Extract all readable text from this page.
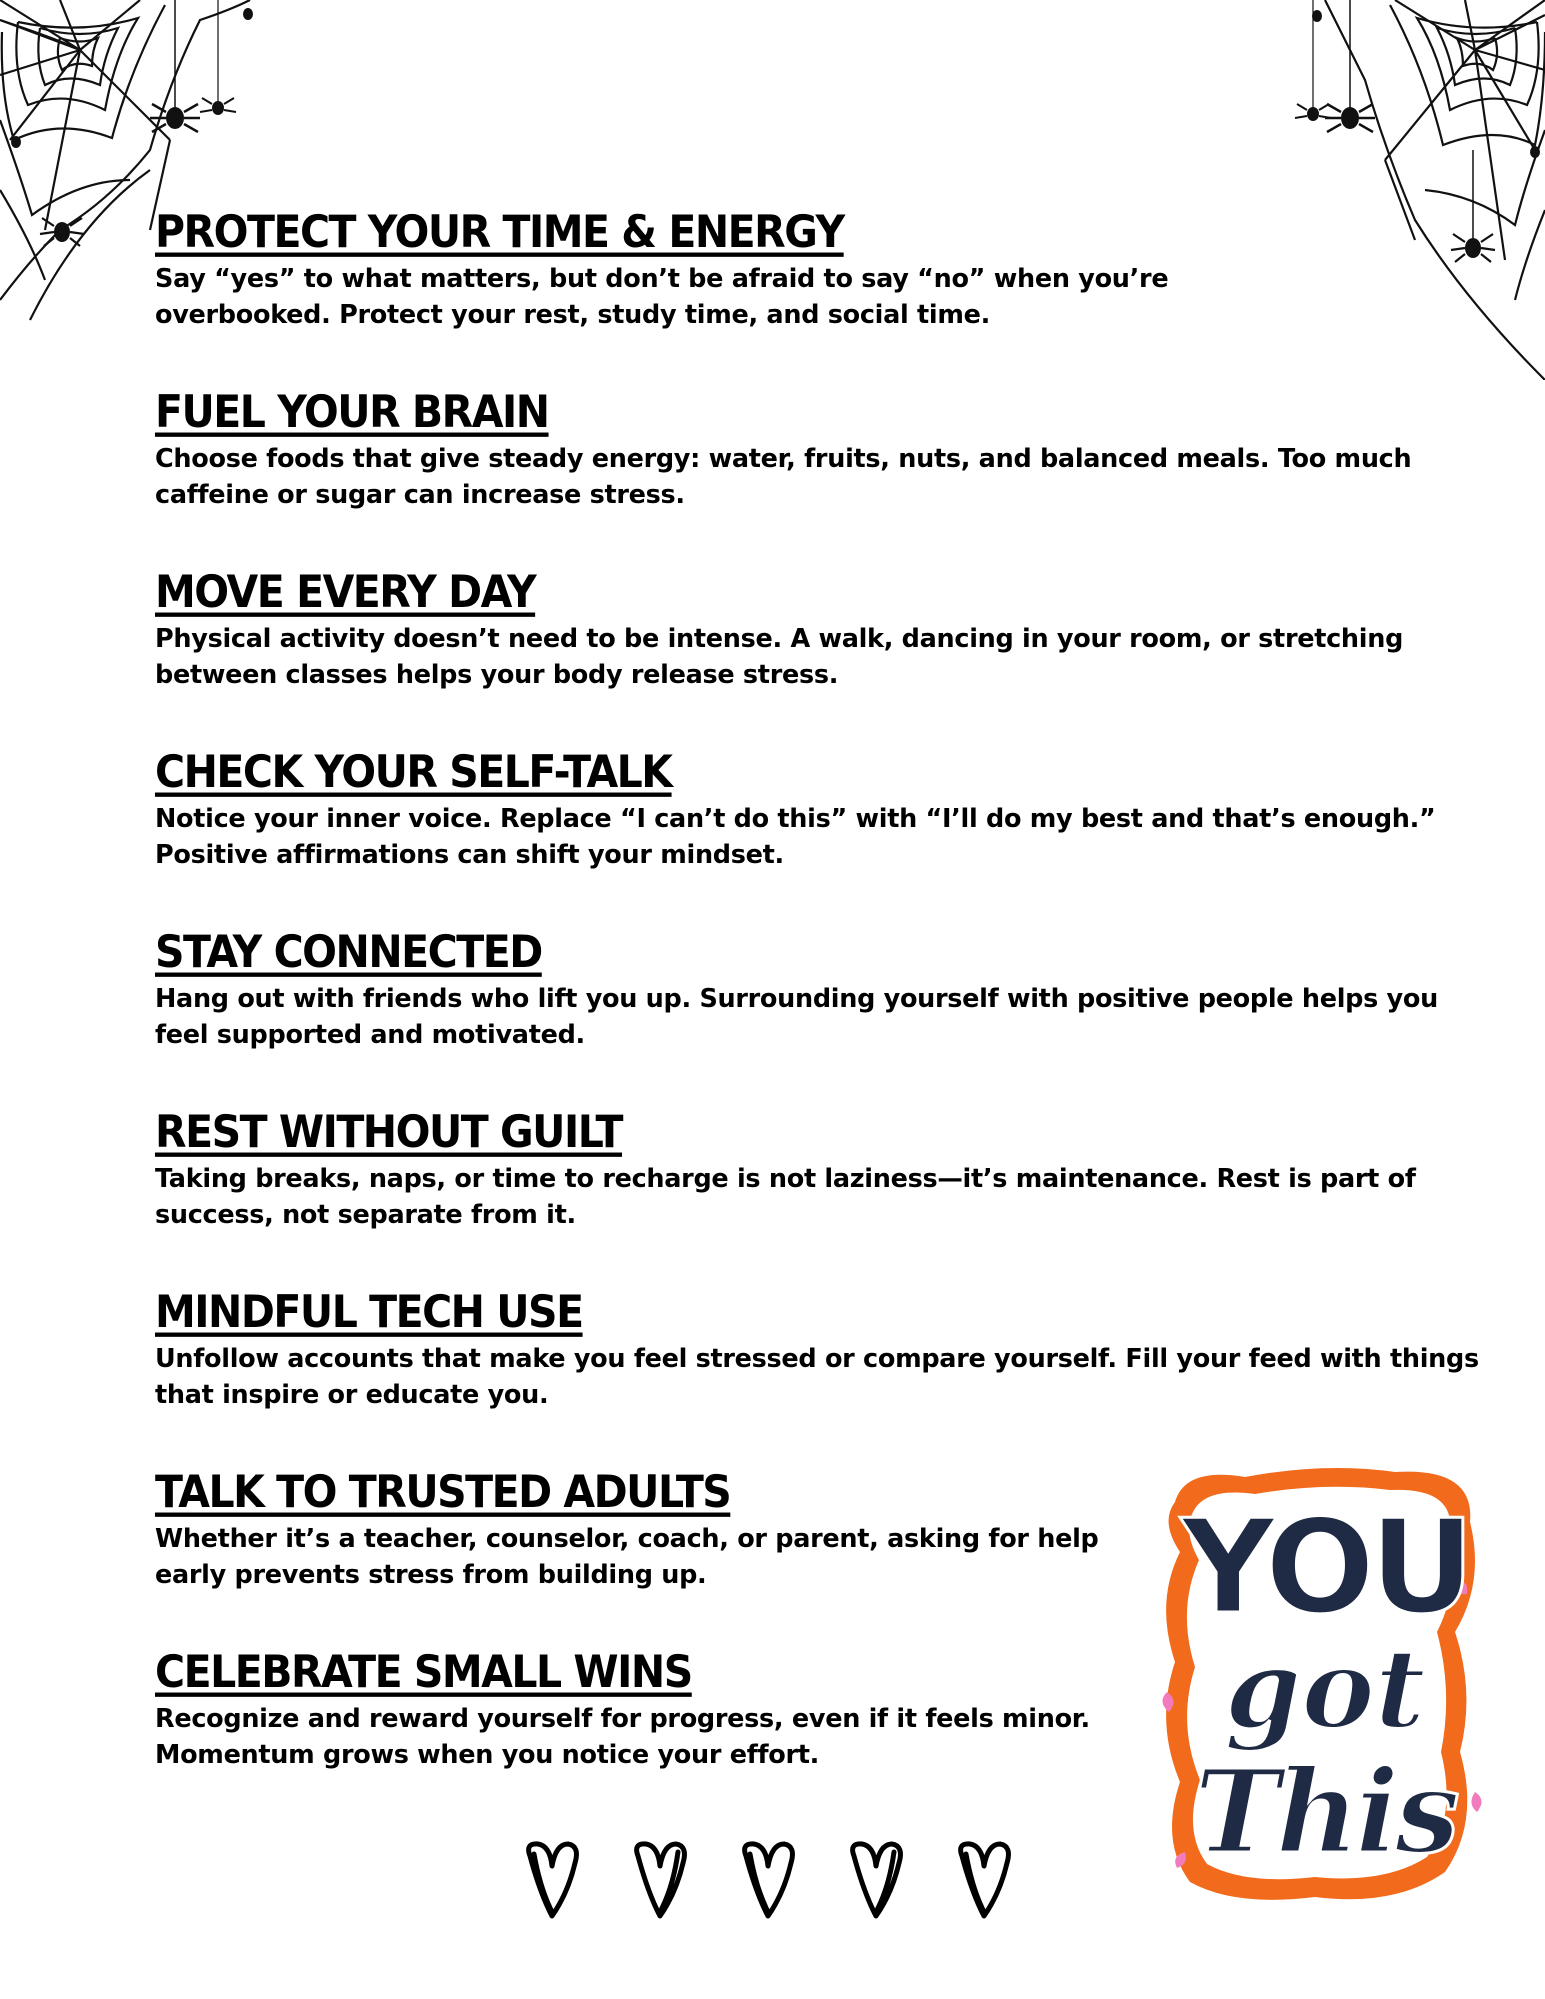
PROTECT YOUR TIME & ENERGY

Say “yes” to what matters, but don’t be afraid to say “no” when you’re overbooked. Protect your rest, study time, and social time.

FUEL YOUR BRAIN

Choose foods that give steady energy: water, fruits, nuts, and balanced meals. Too much caffeine or sugar can increase stress.

MOVE EVERY DAY

Physical activity doesn’t need to be intense. A walk, dancing in your room, or stretching between classes helps your body release stress.

CHECK YOUR SELF-TALK

Notice your inner voice. Replace “I can’t do this” with “I’ll do my best and that’s enough.” Positive affirmations can shift your mindset.

STAY CONNECTED

Hang out with friends who lift you up. Surrounding yourself with positive people helps you feel supported and motivated.

REST WITHOUT GUILT

Taking breaks, naps, or time to recharge is not laziness—it’s maintenance. Rest is part of success, not separate from it.

MINDFUL TECH USE

Unfollow accounts that make you feel stressed or compare yourself. Fill your feed with things that inspire or educate you.

TALK TO TRUSTED ADULTS

Whether it’s a teacher, counselor, coach, or parent, asking for help early prevents stress from building up.

CELEBRATE SMALL WINS

Recognize and reward yourself for progress, even if it feels minor. Momentum grows when you notice your effort.

YOU
got
This
